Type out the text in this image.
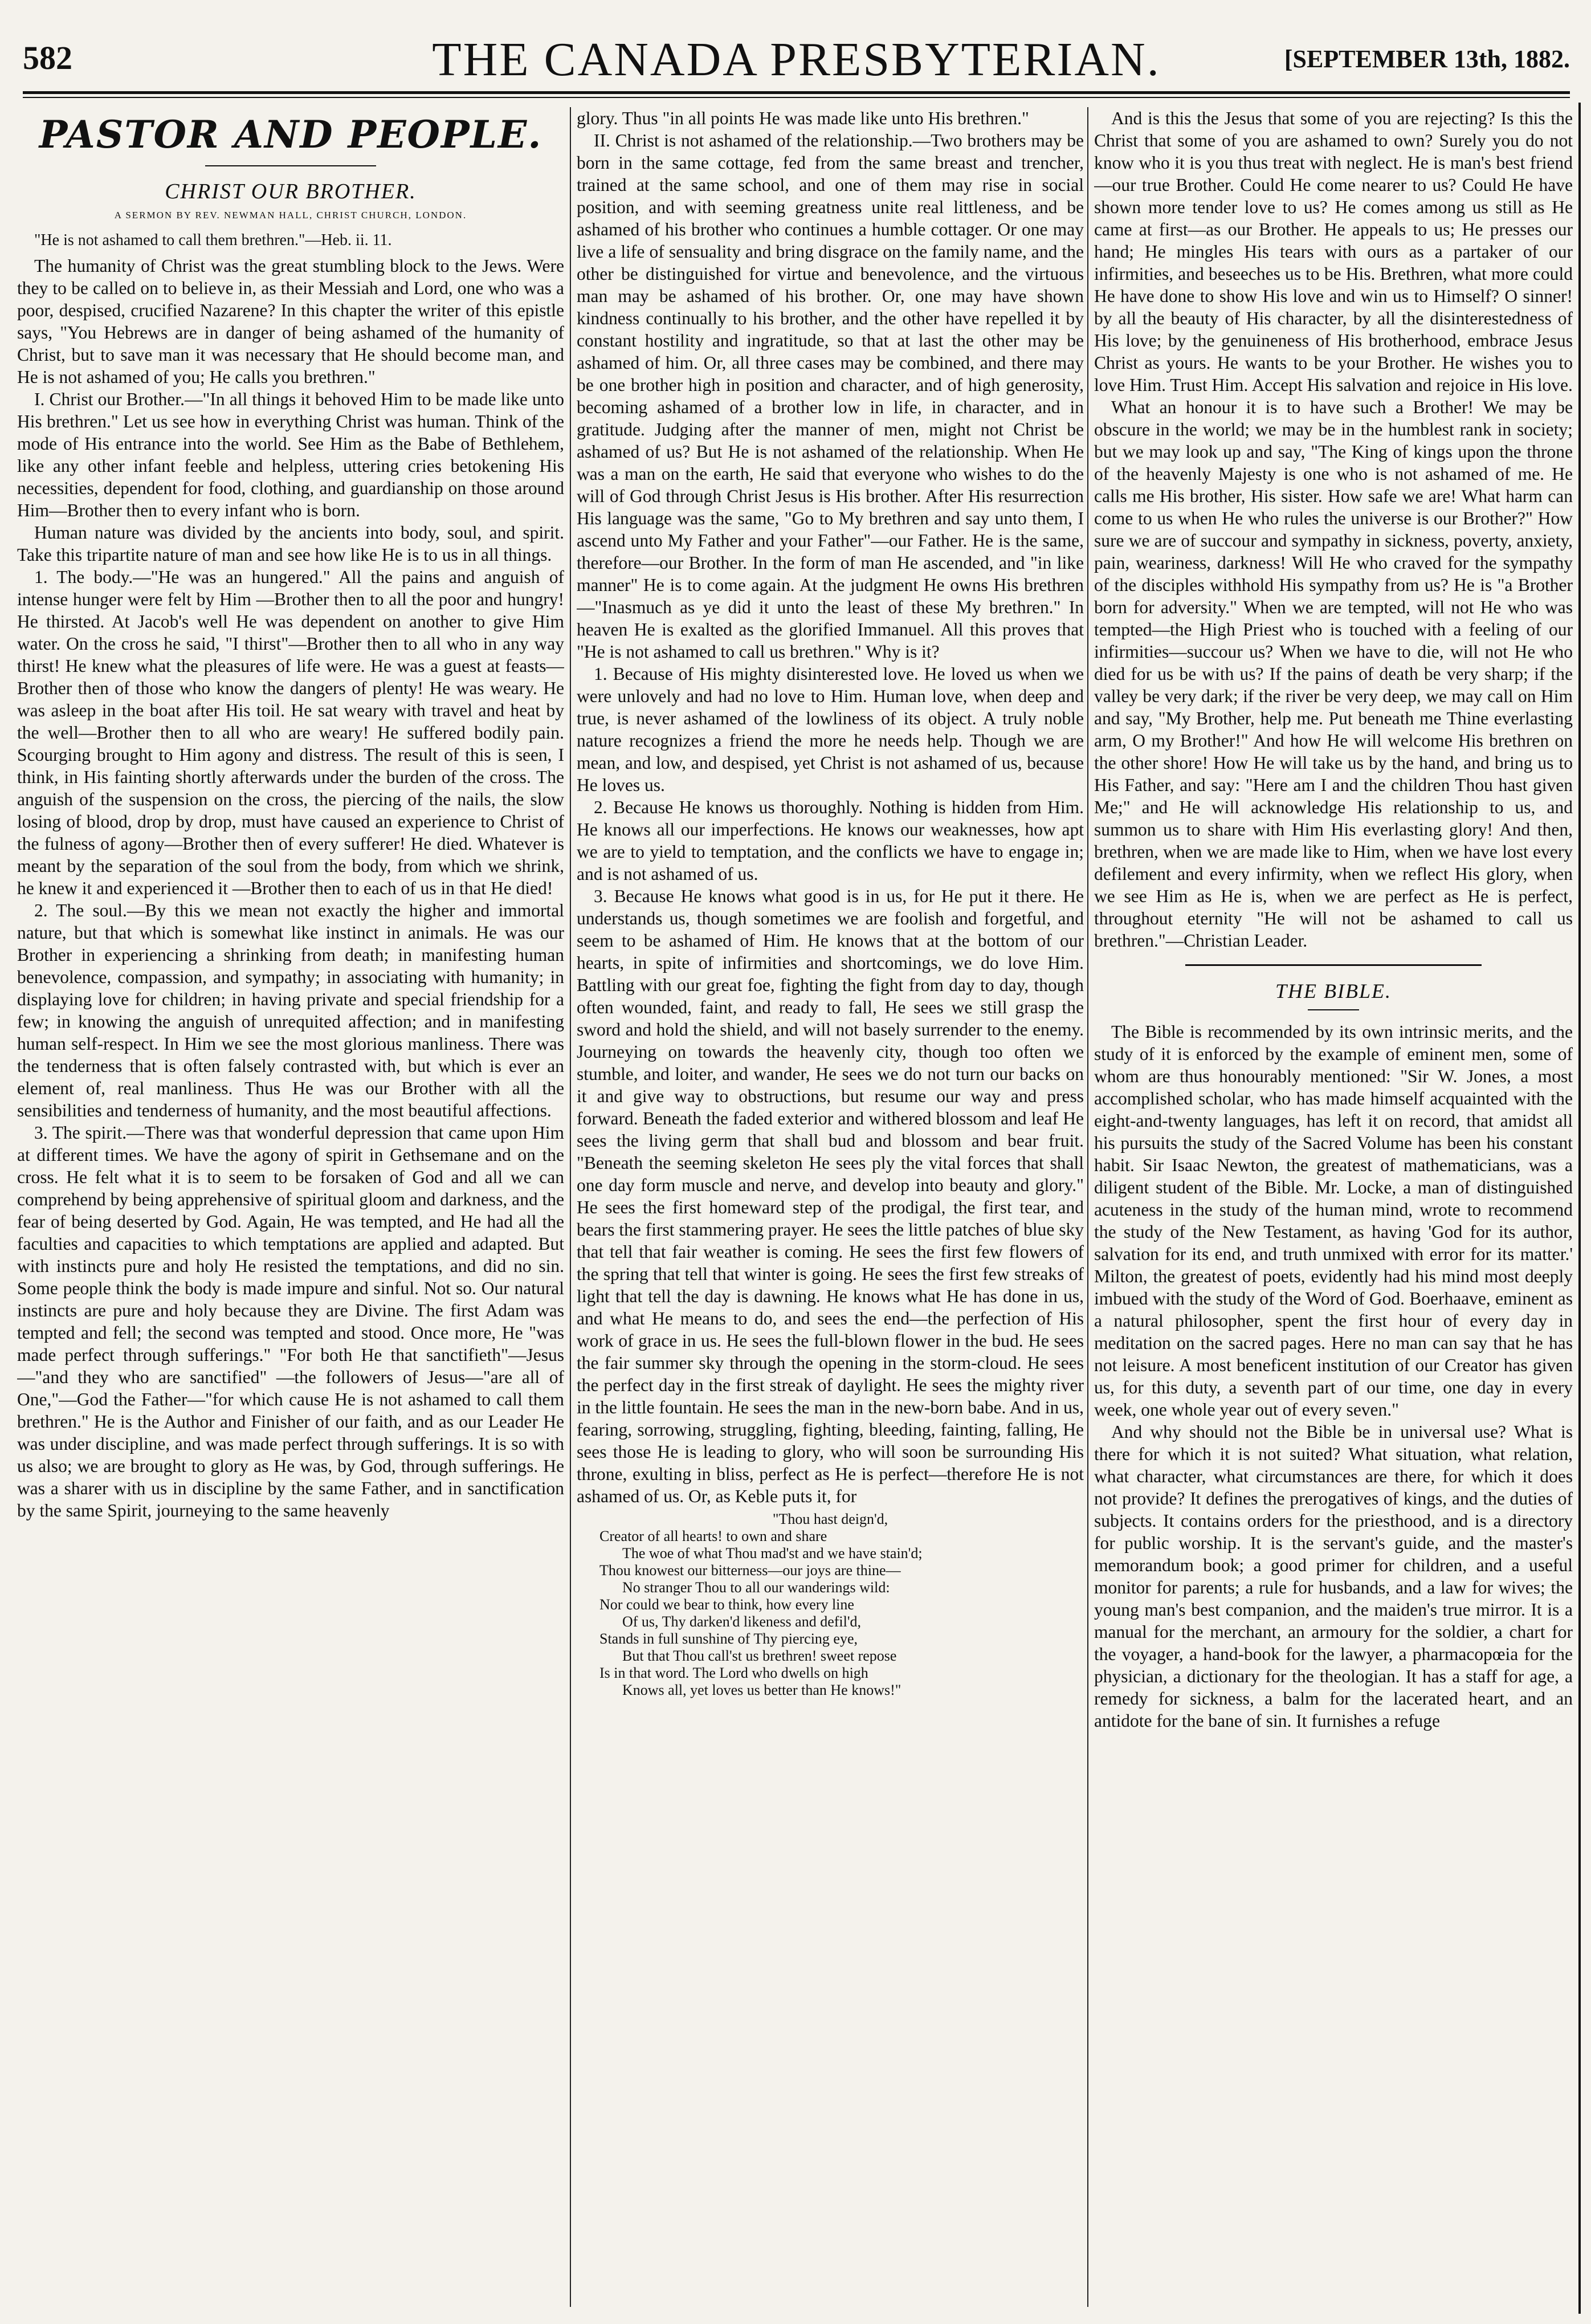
582	THE CANADA PRESBYTERIAN.	[SEPTEMBER 13th, 1882.
PASTOR AND PEOPLE.
CHRIST OUR BROTHER.
A SERMON BY REV. NEWMAN HALL, CHRIST CHURCH, LONDON.

"He is not ashamed to call them brethren."—Heb. ii. 11.

The humanity of Christ was the great stumbling block to the Jews. Were they to be called on to believe in, as their Messiah and Lord, one who was a poor, despised, crucified Nazarene? In this chapter the writer of this epistle says, "You Hebrews are in danger of being ashamed of the humanity of Christ, but to save man it was necessary that He should become man, and He is not ashamed of you; He calls you brethren."

I. Christ our Brother.—"In all things it behoved Him to be made like unto His brethren." Let us see how in everything Christ was human. Think of the mode of His entrance into the world. See Him as the Babe of Bethlehem, like any other infant feeble and helpless, uttering cries betokening His necessities, dependent for food, clothing, and guardianship on those around Him—Brother then to every infant who is born.

Human nature was divided by the ancients into body, soul, and spirit. Take this tripartite nature of man and see how like He is to us in all things.

1. The body.—"He was an hungered." All the pains and anguish of intense hunger were felt by Him —Brother then to all the poor and hungry! He thirsted. At Jacob's well He was dependent on another to give Him water. On the cross he said, "I thirst"—Brother then to all who in any way thirst! He knew what the pleasures of life were. He was a guest at feasts—Brother then of those who know the dangers of plenty! He was weary. He was asleep in the boat after His toil. He sat weary with travel and heat by the well—Brother then to all who are weary! He suffered bodily pain. Scourging brought to Him agony and distress. The result of this is seen, I think, in His fainting shortly afterwards under the burden of the cross. The anguish of the suspension on the cross, the piercing of the nails, the slow losing of blood, drop by drop, must have caused an experience to Christ of the fulness of agony—Brother then of every sufferer! He died. Whatever is meant by the separation of the soul from the body, from which we shrink, he knew it and experienced it —Brother then to each of us in that He died!

2. The soul.—By this we mean not exactly the higher and immortal nature, but that which is somewhat like instinct in animals. He was our Brother in experiencing a shrinking from death; in manifesting human benevolence, compassion, and sympathy; in associating with humanity; in displaying love for children; in having private and special friendship for a few; in knowing the anguish of unrequited affection; and in manifesting human self-respect. In Him we see the most glorious manliness. There was the tenderness that is often falsely contrasted with, but which is ever an element of, real manliness. Thus He was our Brother with all the sensibilities and tenderness of humanity, and the most beautiful affections.

3. The spirit.—There was that wonderful depression that came upon Him at different times. We have the agony of spirit in Gethsemane and on the cross. He felt what it is to seem to be forsaken of God and all we can comprehend by being apprehensive of spiritual gloom and darkness, and the fear of being deserted by God. Again, He was tempted, and He had all the faculties and capacities to which temptations are applied and adapted. But with instincts pure and holy He resisted the temptations, and did no sin. Some people think the body is made impure and sinful. Not so. Our natural instincts are pure and holy because they are Divine. The first Adam was tempted and fell; the second was tempted and stood. Once more, He "was made perfect through sufferings." "For both He that sanctifieth"—Jesus—"and they who are sanctified" —the followers of Jesus—"are all of One,"—God the Father—"for which cause He is not ashamed to call them brethren." He is the Author and Finisher of our faith, and as our Leader He was under discipline, and was made perfect through sufferings. It is so with us also; we are brought to glory as He was, by God, through sufferings. He was a sharer with us in discipline by the same Father, and in sanctification by the same Spirit, journeying to the same heavenly

glory. Thus "in all points He was made like unto His brethren."

II. Christ is not ashamed of the relationship.—Two brothers may be born in the same cottage, fed from the same breast and trencher, trained at the same school, and one of them may rise in social position, and with seeming greatness unite real littleness, and be ashamed of his brother who continues a humble cottager. Or one may live a life of sensuality and bring disgrace on the family name, and the other be distinguished for virtue and benevolence, and the virtuous man may be ashamed of his brother. Or, one may have shown kindness continually to his brother, and the other have repelled it by constant hostility and ingratitude, so that at last the other may be ashamed of him. Or, all three cases may be combined, and there may be one brother high in position and character, and of high generosity, becoming ashamed of a brother low in life, in character, and in gratitude. Judging after the manner of men, might not Christ be ashamed of us? But He is not ashamed of the relationship. When He was a man on the earth, He said that everyone who wishes to do the will of God through Christ Jesus is His brother. After His resurrection His language was the same, "Go to My brethren and say unto them, I ascend unto My Father and your Father"—our Father. He is the same, therefore—our Brother. In the form of man He ascended, and "in like manner" He is to come again. At the judgment He owns His brethren —"Inasmuch as ye did it unto the least of these My brethren." In heaven He is exalted as the glorified Immanuel. All this proves that "He is not ashamed to call us brethren." Why is it?

1. Because of His mighty disinterested love. He loved us when we were unlovely and had no love to Him. Human love, when deep and true, is never ashamed of the lowliness of its object. A truly noble nature recognizes a friend the more he needs help. Though we are mean, and low, and despised, yet Christ is not ashamed of us, because He loves us.

2. Because He knows us thoroughly. Nothing is hidden from Him. He knows all our imperfections. He knows our weaknesses, how apt we are to yield to temptation, and the conflicts we have to engage in; and is not ashamed of us.

3. Because He knows what good is in us, for He put it there. He understands us, though sometimes we are foolish and forgetful, and seem to be ashamed of Him. He knows that at the bottom of our hearts, in spite of infirmities and shortcomings, we do love Him. Battling with our great foe, fighting the fight from day to day, though often wounded, faint, and ready to fall, He sees we still grasp the sword and hold the shield, and will not basely surrender to the enemy. Journeying on towards the heavenly city, though too often we stumble, and loiter, and wander, He sees we do not turn our backs on it and give way to obstructions, but resume our way and press forward. Beneath the faded exterior and withered blossom and leaf He sees the living germ that shall bud and blossom and bear fruit. "Beneath the seeming skeleton He sees ply the vital forces that shall one day form muscle and nerve, and develop into beauty and glory." He sees the first homeward step of the prodigal, the first tear, and bears the first stammering prayer. He sees the little patches of blue sky that tell that fair weather is coming. He sees the first few flowers of the spring that tell that winter is going. He sees the first few streaks of light that tell the day is dawning. He knows what He has done in us, and what He means to do, and sees the end—the perfection of His work of grace in us. He sees the full-blown flower in the bud. He sees the fair summer sky through the opening in the storm-cloud. He sees the perfect day in the first streak of daylight. He sees the mighty river in the little fountain. He sees the man in the new-born babe. And in us, fearing, sorrowing, struggling, fighting, bleeding, fainting, falling, He sees those He is leading to glory, who will soon be surrounding His throne, exulting in bliss, perfect as He is perfect—therefore He is not ashamed of us. Or, as Keble puts it, for

"Thou hast deign'd,
Creator of all hearts! to own and share
The woe of what Thou mad'st and we have stain'd;
Thou knowest our bitterness—our joys are thine—
No stranger Thou to all our wanderings wild:
Nor could we bear to think, how every line
Of us, Thy darken'd likeness and defil'd,
Stands in full sunshine of Thy piercing eye,
But that Thou call'st us brethren! sweet repose
Is in that word. The Lord who dwells on high
Knows all, yet loves us better than He knows!"

And is this the Jesus that some of you are rejecting? Is this the Christ that some of you are ashamed to own? Surely you do not know who it is you thus treat with neglect. He is man's best friend —our true Brother. Could He come nearer to us? Could He have shown more tender love to us? He comes among us still as He came at first—as our Brother. He appeals to us; He presses our hand; He mingles His tears with ours as a partaker of our infirmities, and beseeches us to be His. Brethren, what more could He have done to show His love and win us to Himself? O sinner! by all the beauty of His character, by all the disinterestedness of His love; by the genuineness of His brotherhood, embrace Jesus Christ as yours. He wants to be your Brother. He wishes you to love Him. Trust Him. Accept His salvation and rejoice in His love.

What an honour it is to have such a Brother! We may be obscure in the world; we may be in the humblest rank in society; but we may look up and say, "The King of kings upon the throne of the heavenly Majesty is one who is not ashamed of me. He calls me His brother, His sister. How safe we are! What harm can come to us when He who rules the universe is our Brother?" How sure we are of succour and sympathy in sickness, poverty, anxiety, pain, weariness, darkness! Will He who craved for the sympathy of the disciples withhold His sympathy from us? He is "a Brother born for adversity." When we are tempted, will not He who was tempted—the High Priest who is touched with a feeling of our infirmities—succour us? When we have to die, will not He who died for us be with us? If the pains of death be very sharp; if the valley be very dark; if the river be very deep, we may call on Him and say, "My Brother, help me. Put beneath me Thine everlasting arm, O my Brother!" And how He will welcome His brethren on the other shore! How He will take us by the hand, and bring us to His Father, and say: "Here am I and the children Thou hast given Me;" and He will acknowledge His relationship to us, and summon us to share with Him His everlasting glory! And then, brethren, when we are made like to Him, when we have lost every defilement and every infirmity, when we reflect His glory, when we see Him as He is, when we are perfect as He is perfect, throughout eternity "He will not be ashamed to call us brethren."—Christian Leader.

THE BIBLE.

The Bible is recommended by its own intrinsic merits, and the study of it is enforced by the example of eminent men, some of whom are thus honourably mentioned: "Sir W. Jones, a most accomplished scholar, who has made himself acquainted with the eight-and-twenty languages, has left it on record, that amidst all his pursuits the study of the Sacred Volume has been his constant habit. Sir Isaac Newton, the greatest of mathematicians, was a diligent student of the Bible. Mr. Locke, a man of distinguished acuteness in the study of the human mind, wrote to recommend the study of the New Testament, as having 'God for its author, salvation for its end, and truth unmixed with error for its matter.' Milton, the greatest of poets, evidently had his mind most deeply imbued with the study of the Word of God. Boerhaave, eminent as a natural philosopher, spent the first hour of every day in meditation on the sacred pages. Here no man can say that he has not leisure. A most beneficent institution of our Creator has given us, for this duty, a seventh part of our time, one day in every week, one whole year out of every seven."

And why should not the Bible be in universal use? What is there for which it is not suited? What situation, what relation, what character, what circumstances are there, for which it does not provide? It defines the prerogatives of kings, and the duties of subjects. It contains orders for the priesthood, and is a directory for public worship. It is the servant's guide, and the master's memorandum book; a good primer for children, and a useful monitor for parents; a rule for husbands, and a law for wives; the young man's best companion, and the maiden's true mirror. It is a manual for the merchant, an armoury for the soldier, a chart for the voyager, a hand-book for the lawyer, a pharmacopœia for the physician, a dictionary for the theologian. It has a staff for age, a remedy for sickness, a balm for the lacerated heart, and an antidote for the bane of sin. It furnishes a refuge
